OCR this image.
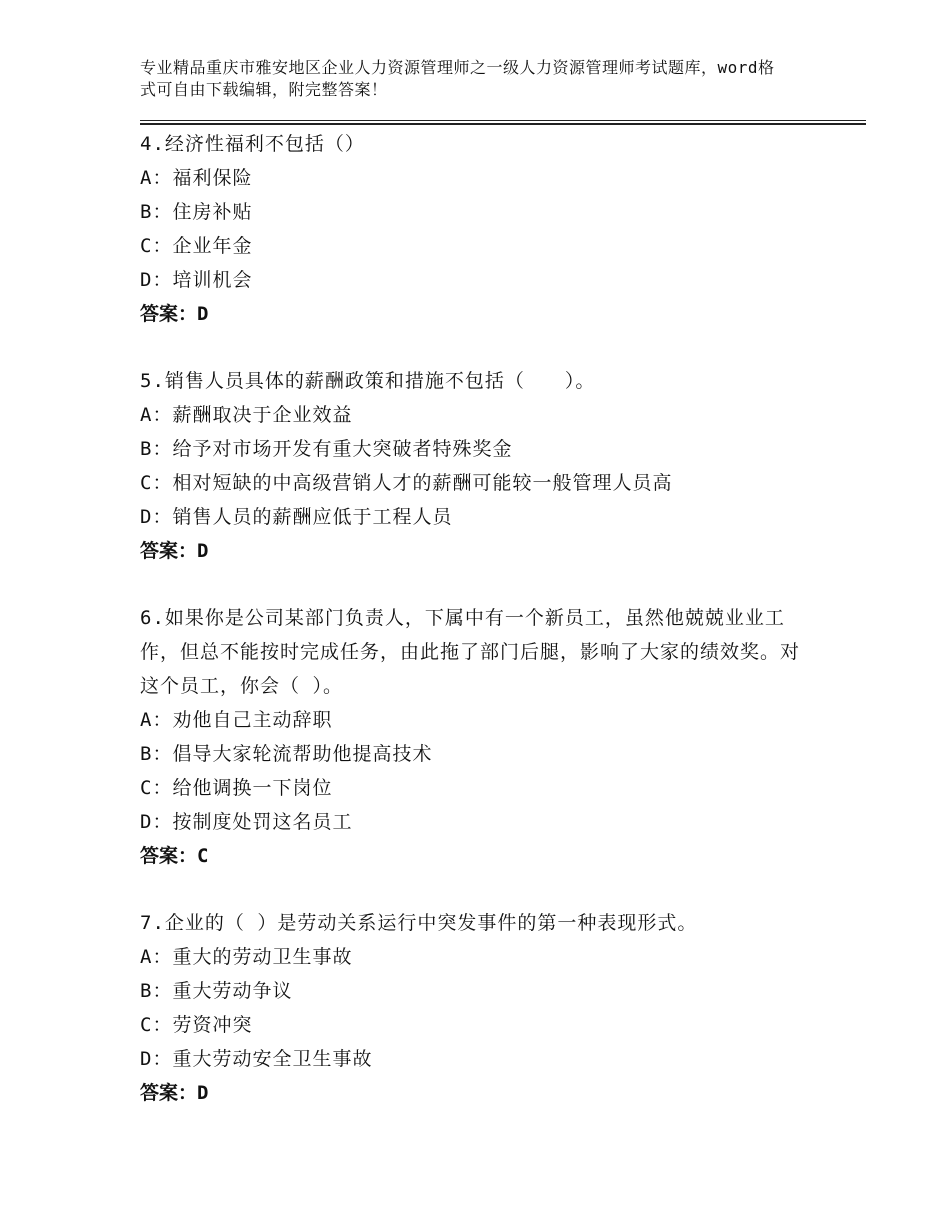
专业精品重庆市雅安地区企业人力资源管理师之一级人力资源管理师考试题库，word格式可自由下载编辑，附完整答案！
4.经济性福利不包括（）
A：福利保险
B：住房补贴
C：企业年金
D：培训机会
答案：D
5.销售人员具体的薪酬政策和措施不包括（　　）。
A：薪酬取决于企业效益
B：给予对市场开发有重大突破者特殊奖金
C：相对短缺的中高级营销人才的薪酬可能较一般管理人员高
D：销售人员的薪酬应低于工程人员
答案：D
6.如果你是公司某部门负责人，下属中有一个新员工，虽然他兢兢业业工作，但总不能按时完成任务，由此拖了部门后腿，影响了大家的绩效奖。对这个员工，你会（ ）。
A：劝他自己主动辞职
B：倡导大家轮流帮助他提高技术
C：给他调换一下岗位
D：按制度处罚这名员工
答案：C
7.企业的（ ）是劳动关系运行中突发事件的第一种表现形式。
A：重大的劳动卫生事故
B：重大劳动争议
C：劳资冲突
D：重大劳动安全卫生事故
答案：D
